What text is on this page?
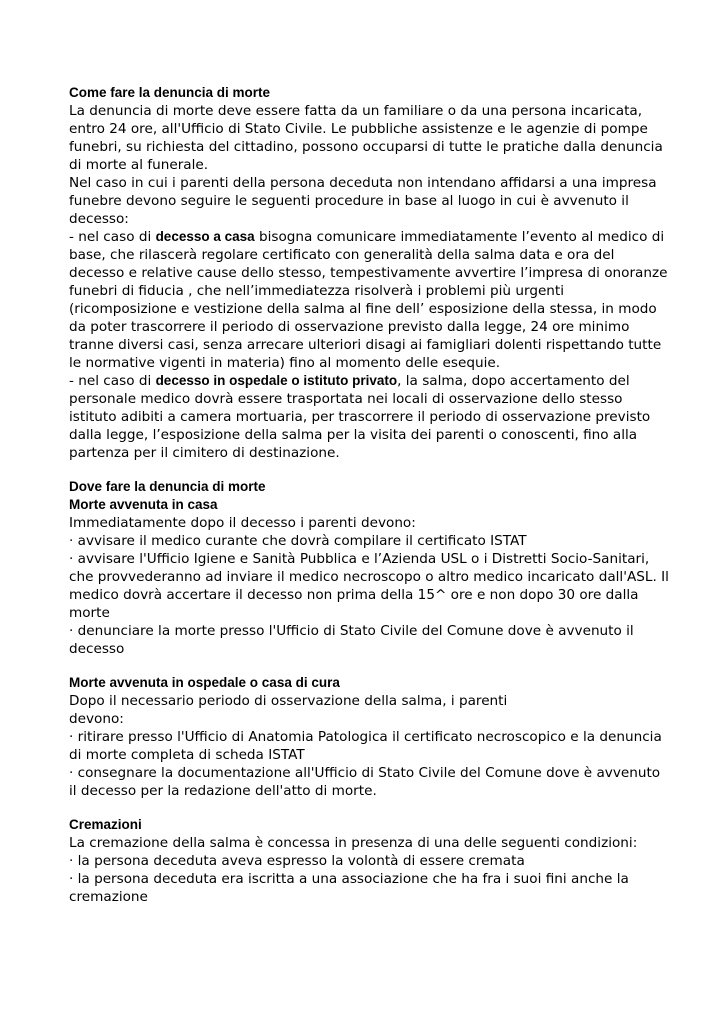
Come fare la denuncia di morte

La denuncia di morte deve essere fatta da un familiare o da una persona incaricata, entro 24 ore, all'Ufficio di Stato Civile. Le pubbliche assistenze e le agenzie di pompe funebri, su richiesta del cittadino, possono occuparsi di tutte le pratiche dalla denuncia di morte al funerale.

Nel caso in cui i parenti della persona deceduta non intendano affidarsi a una impresa funebre devono seguire le seguenti procedure in base al luogo in cui è avvenuto il decesso:

- nel caso di decesso a casa bisogna comunicare immediatamente l’evento al medico di base, che rilascerà regolare certificato con generalità della salma data e ora del decesso e relative cause dello stesso, tempestivamente avvertire l’impresa di onoranze funebri di fiducia , che nell’immediatezza risolverà i problemi più urgenti (ricomposizione e vestizione della salma al fine dell’ esposizione della stessa, in modo da poter trascorrere il periodo di osservazione previsto dalla legge, 24 ore minimo tranne diversi casi, senza arrecare ulteriori disagi ai famigliari dolenti rispettando tutte le normative vigenti in materia) fino al momento delle esequie.

- nel caso di decesso in ospedale o istituto privato, la salma, dopo accertamento del personale medico dovrà essere trasportata nei locali di osservazione dello stesso istituto adibiti a camera mortuaria, per trascorrere il periodo di osservazione previsto dalla legge, l’esposizione della salma per la visita dei parenti o conoscenti, fino alla partenza per il cimitero di destinazione.

Dove fare la denuncia di morte

Morte avvenuta in casa

Immediatamente dopo il decesso i parenti devono:

· avvisare il medico curante che dovrà compilare il certificato ISTAT

· avvisare l'Ufficio Igiene e Sanità Pubblica e l’Azienda USL o i Distretti Socio-Sanitari, che provvederanno ad inviare il medico necroscopo o altro medico incaricato dall'ASL. Il medico dovrà accertare il decesso non prima della 15^ ore e non dopo 30 ore dalla morte

· denunciare la morte presso l'Ufficio di Stato Civile del Comune dove è avvenuto il decesso

Morte avvenuta in ospedale o casa di cura

Dopo il necessario periodo di osservazione della salma, i parenti

devono:

· ritirare presso l'Ufficio di Anatomia Patologica il certificato necroscopico e la denuncia di morte completa di scheda ISTAT

· consegnare la documentazione all'Ufficio di Stato Civile del Comune dove è avvenuto il decesso per la redazione dell'atto di morte.

Cremazioni

La cremazione della salma è concessa in presenza di una delle seguenti condizioni:

· la persona deceduta aveva espresso la volontà di essere cremata

· la persona deceduta era iscritta a una associazione che ha fra i suoi fini anche la cremazione
